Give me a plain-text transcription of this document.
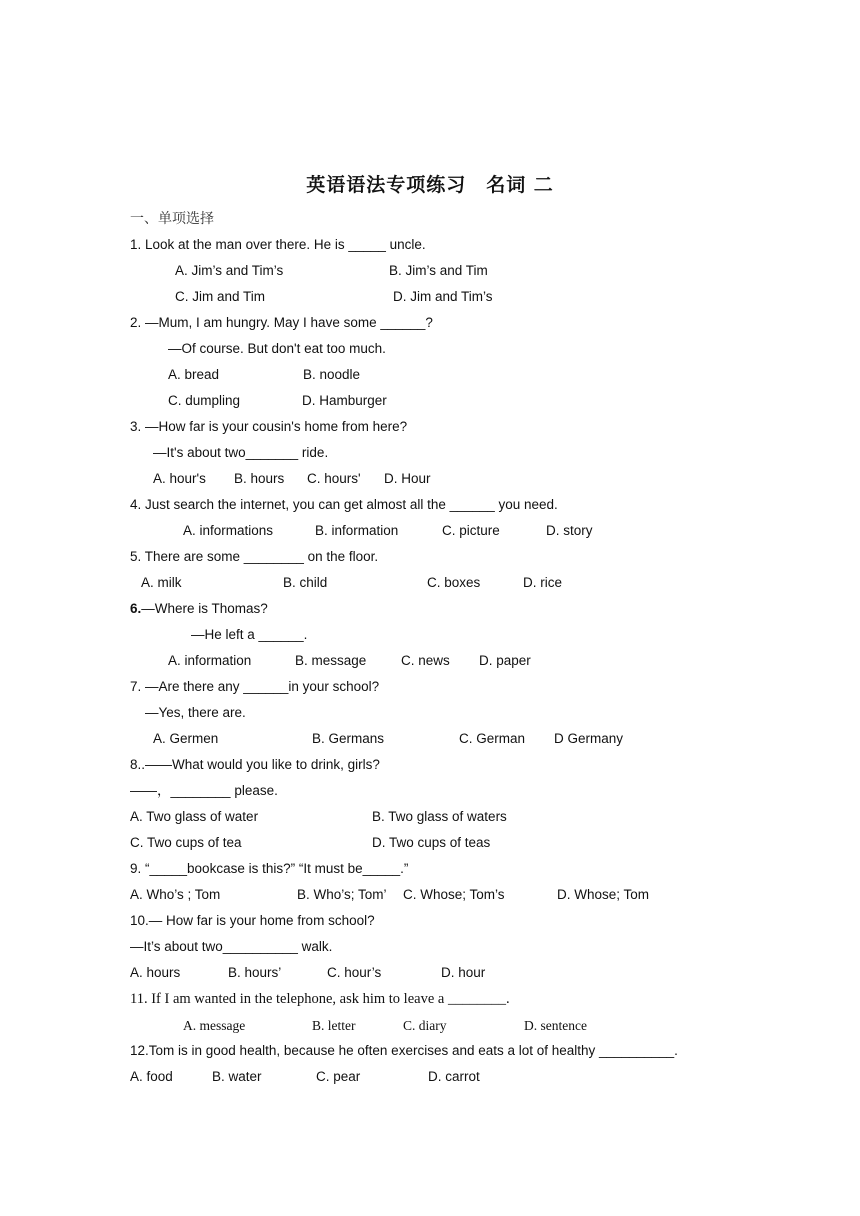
英语语法专项练习　名词 二
一、单项选择
1. Look at the man over there. He is _____ uncle.
A. Jim’s and Tim’s	B. Jim’s and Tim
C. Jim and Tim	D. Jim and Tim’s
2. —Mum, I am hungry. May I have some ______?
—Of course. But don't eat too much.
A. bread	B. noodle
C. dumpling	D. Hamburger
3. —How far is your cousin's home from here?
—It's about two_______ ride.
A. hour's B. hours C. hours' D. Hour
4. Just search the internet, you can get almost all the ______ you need.
A. informations	B. information	C. picture	D. story
5. There are some ________ on the floor.
A. milk	B. child	C. boxes	D. rice
6.—Where is Thomas?
—He left a ______.
A. information	B. message	C. news D. paper
7. —Are there any ______in your school?
—Yes, there are.
A. Germen	B. Germans	C. German D Germany
8..——What would you like to drink, girls?
——，________ please.
A. Two glass of water	B. Two glass of waters
C. Two cups of tea	D. Two cups of teas
9. “_____bookcase is this?” “It must be_____.”
A. Who’s ; Tom	B. Who’s; Tom’ C. Whose; Tom’s	D. Whose; Tom
10.— How far is your home from school?
—It’s about two__________ walk.
A. hours	B. hours’	C. hour’s	D. hour
11. If I am wanted in the telephone, ask him to leave a ________.
A. message	B. letter	C. diary	D. sentence
12.Tom is in good health, because he often exercises and eats a lot of healthy __________.
A. food	B. water	C. pear	D. carrot
